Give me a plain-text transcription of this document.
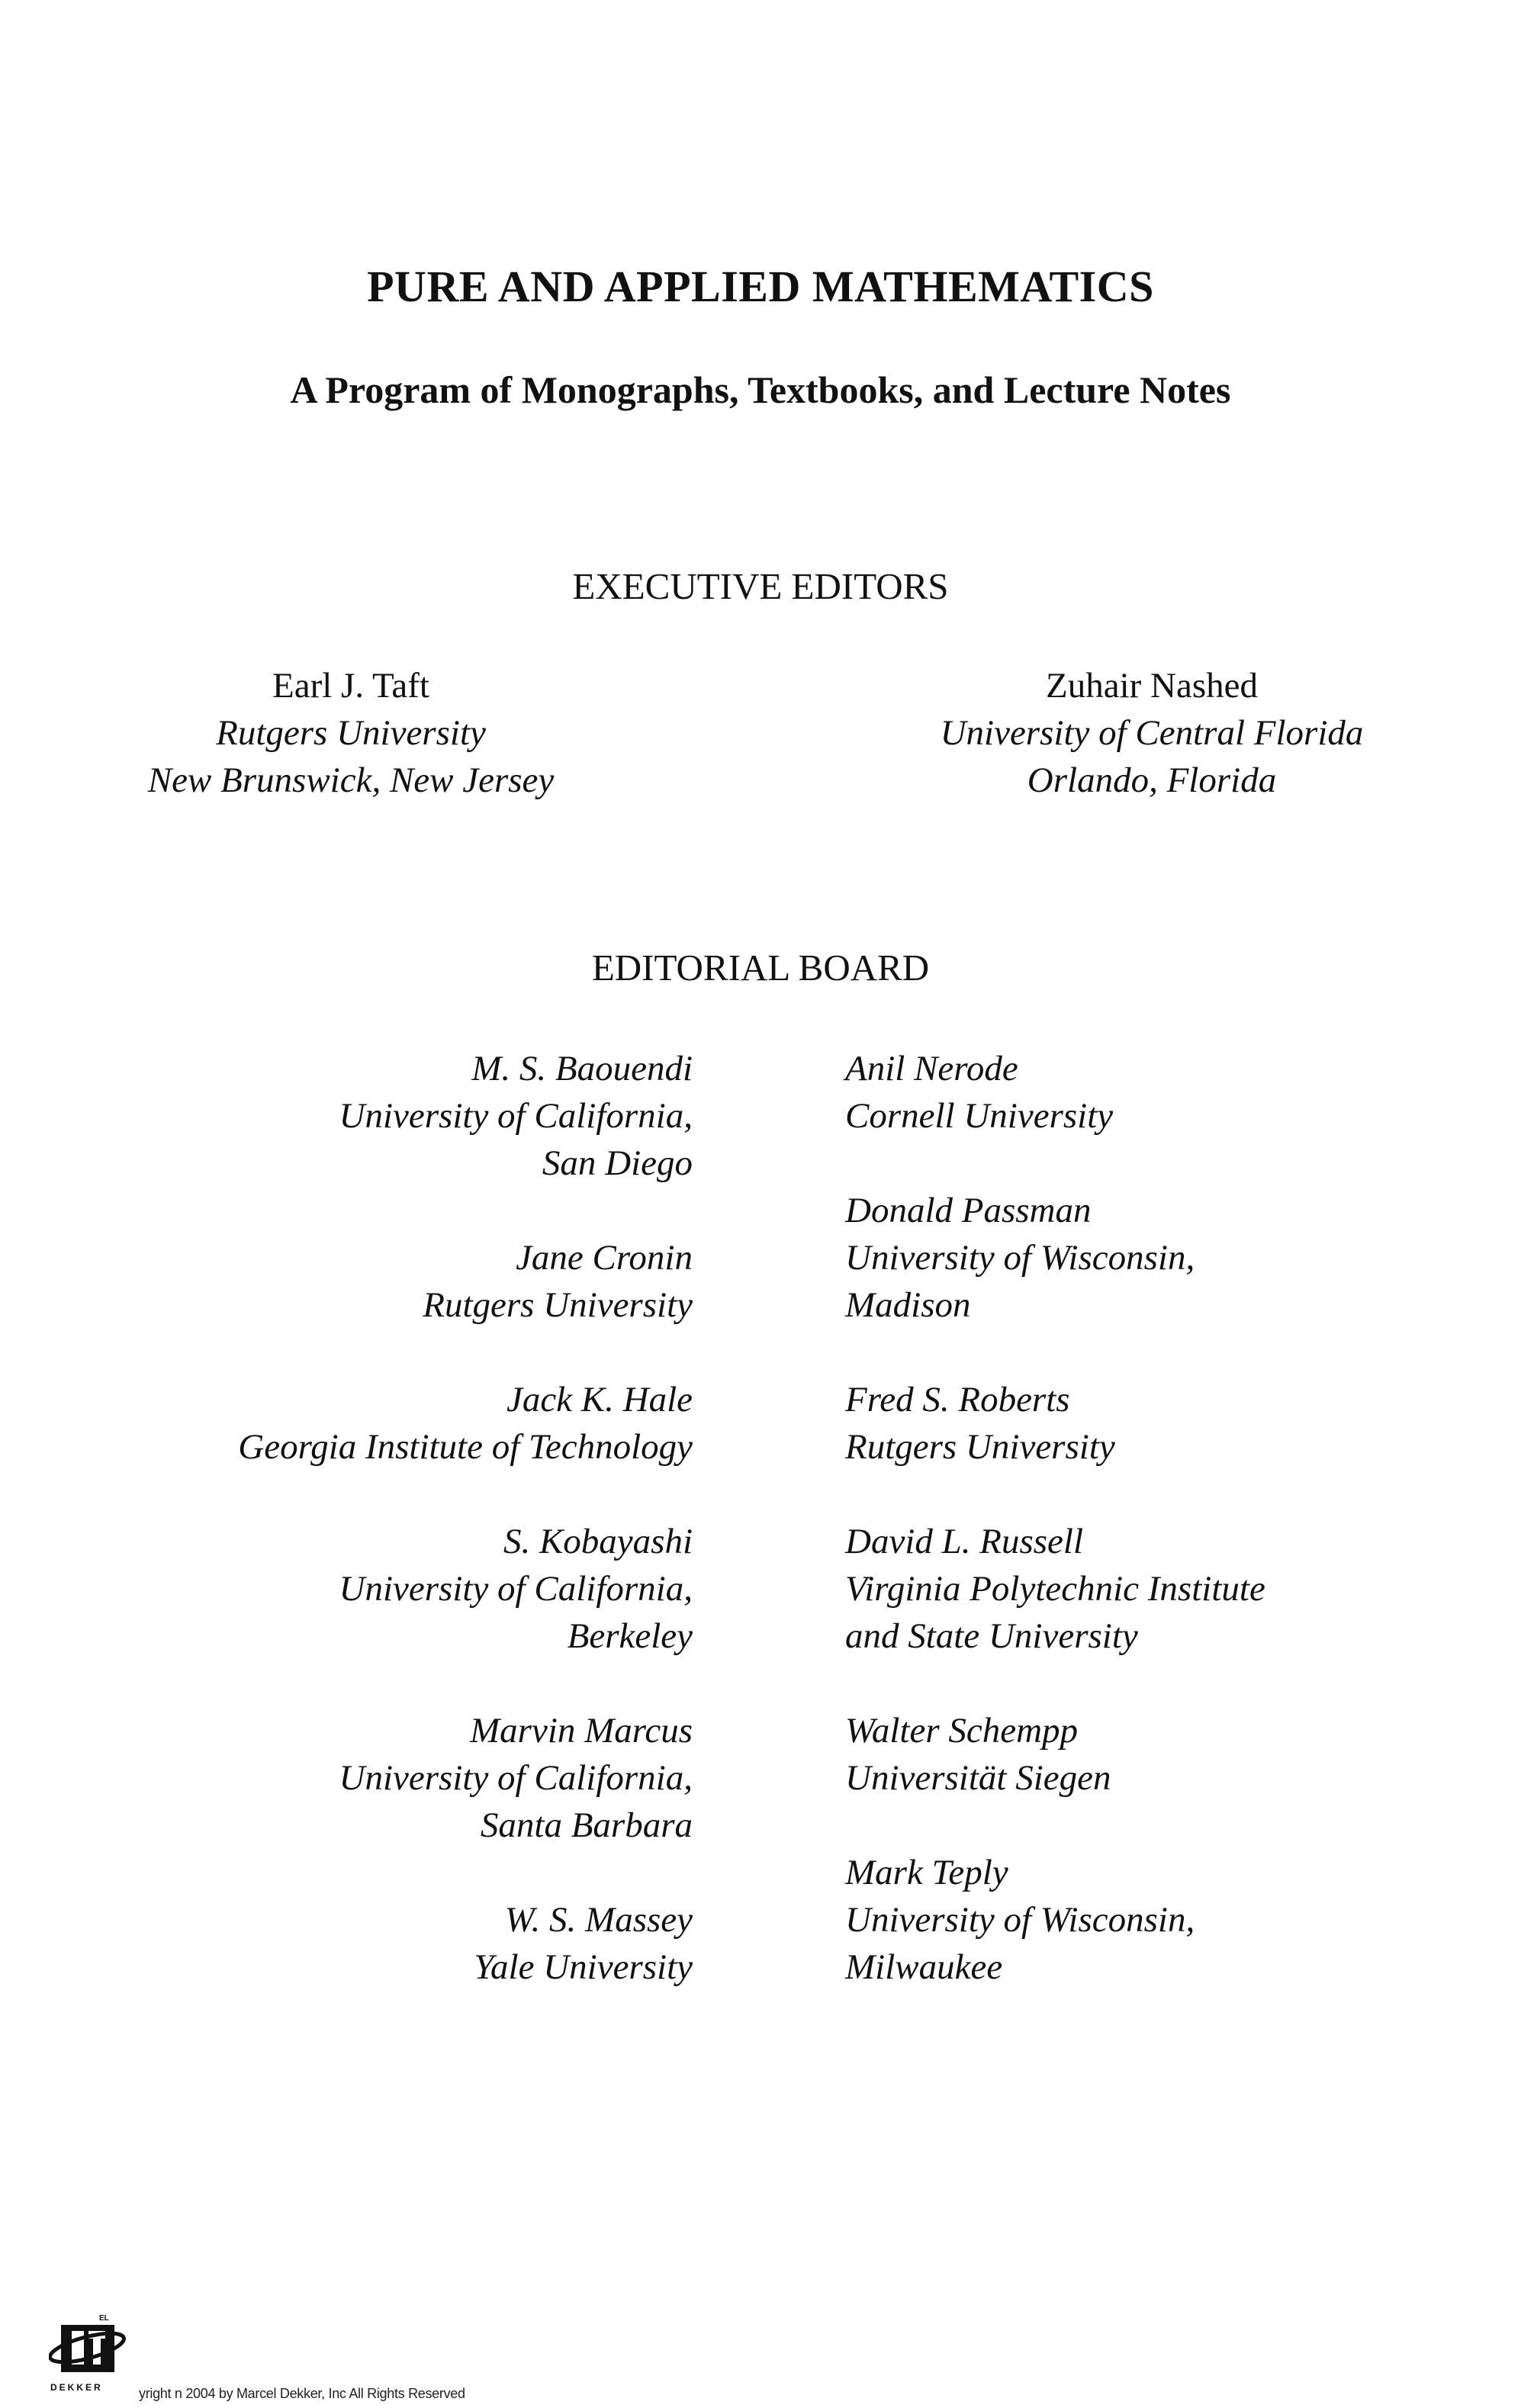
PURE AND APPLIED MATHEMATICS
A Program of Monographs, Textbooks, and Lecture Notes
EXECUTIVE EDITORS
Earl J. Taft
Rutgers University
New Brunswick, New Jersey
Zuhair Nashed
University of Central Florida
Orlando, Florida
EDITORIAL BOARD
M. S. Baouendi
University of California,
San Diego
Jane Cronin
Rutgers University
Jack K. Hale
Georgia Institute of Technology
S. Kobayashi
University of California,
Berkeley
Marvin Marcus
University of California,
Santa Barbara
W. S. Massey
Yale University
Anil Nerode
Cornell University
Donald Passman
University of Wisconsin,
Madison
Fred S. Roberts
Rutgers University
David L. Russell
Virginia Polytechnic Institute
and State University
Walter Schempp
Universität Siegen
Mark Teply
University of Wisconsin,
Milwaukee
EL
DEKKER	yright n 2004 by Marcel Dekker, Inc All Rights Reserved
